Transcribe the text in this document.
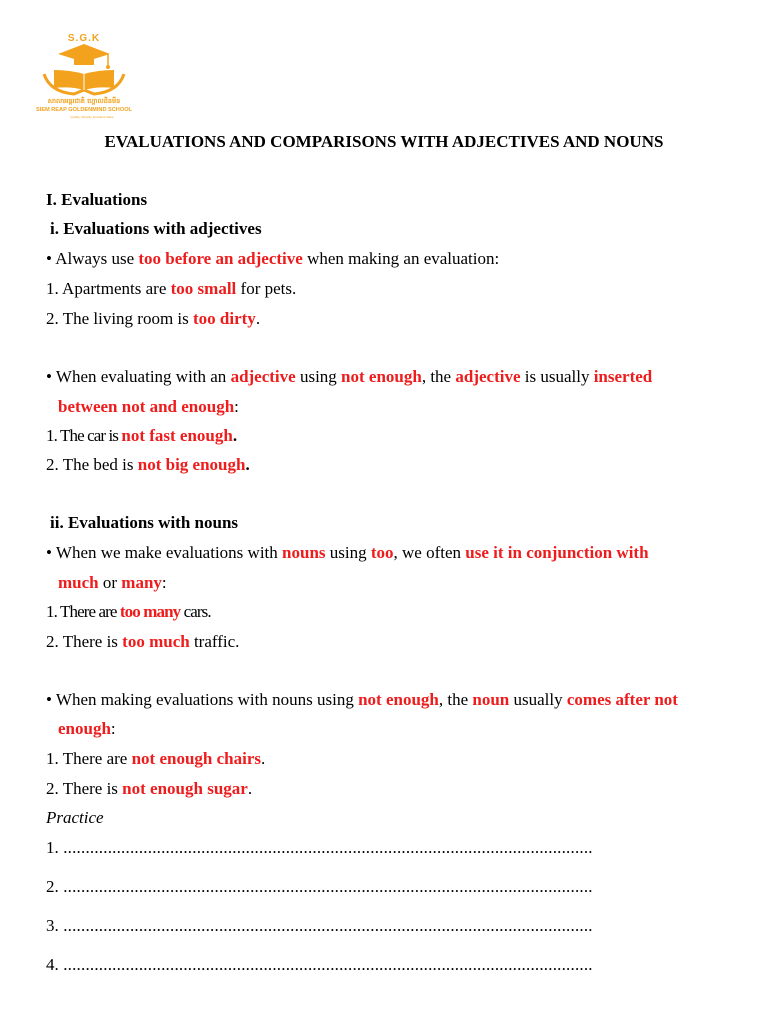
S.G.K
សាលាអន្តរជាតិ ហ្គោលដិនមីន
SIEM REAP GOLDENMIND SCHOOL
Quality, Morality, Excellent Value
EVALUATIONS AND COMPARISONS WITH ADJECTIVES AND NOUNS
I. Evaluations
i. Evaluations with adjectives
• Always use too before an adjective when making an evaluation:
1. Apartments are too small for pets.
2. The living room is too dirty.
• When evaluating with an adjective using not enough, the adjective is usually inserted
between not and enough:
1. The car is not fast enough.
2. The bed is not big enough.
ii. Evaluations with nouns
• When we make evaluations with nouns using too, we often use it in conjunction with
much or many:
1. There are too many cars.
2. There is too much traffic.
• When making evaluations with nouns using not enough, the noun usually comes after not
enough:
1. There are not enough chairs.
2. There is not enough sugar.
Practice
1. .......................................................................................................................
2. .......................................................................................................................
3. .......................................................................................................................
4. .......................................................................................................................
